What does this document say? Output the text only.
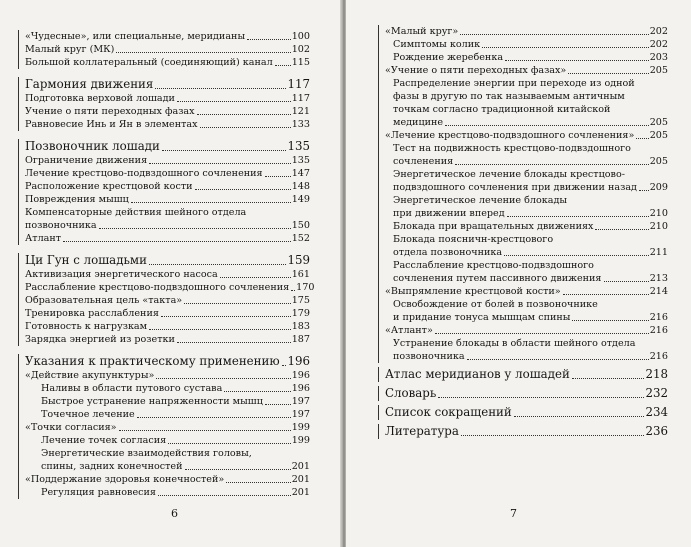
«Чудесные», или специальные, меридианы	100
Малый круг (МК)	102
Большой коллатеральный (соединяющий) канал 115
Гармония движения	117
Подготовка верховой лошади	117
Учение о пяти переходных фазах	121
Равновесие Инь и Ян в элементах	133
Позвоночник лошади	135
Ограничение движения	135
Лечение крестцово-подвздошного сочленения	147
Расположение крестцовой кости	148
Повреждения мышц	149
Компенсаторные действия шейного отдела
позвоночника	150
Атлант	152
Ци Гун с лошадьми	159
Активизация энергетического насоса	161
Расслабление крестцово-подвздошного сочленения 170
Образовательная цель «такта»	175
Тренировка расслабления	179
Готовность к нагрузкам	183
Зарядка энергией из розетки	187
Указания к практическому применению 196
«Действие акупунктуры»	196
Наливы в области путового сустава	196
Быстрое устранение напряженности мышц	197
Точечное лечение	197
«Точки согласия»	199
Лечение точек согласия	199
Энергетические взаимодействия головы,
спины, задних конечностей	201
«Поддержание здоровья конечностей»	201
Регуляция равновесия	201
6
«Малый круг»	202
Симптомы колик	202
Рождение жеребенка	203
«Учение о пяти переходных фазах»	205
Распределение энергии при переходе из одной
фазы в другую по так называемым античным
точкам согласно традиционной китайской
медицине	205
«Лечение крестцово-подвздошного сочленения» 205
Тест на подвижность крестцово-подвздошного
сочленения	205
Энергетическое лечение блокады крестцово-
подвздошного сочленения при движении назад 209
Энергетическое лечение блокады
при движении вперед	210
Блокада при вращательных движениях	210
Блокада поясничн-крестцового
отдела позвоночника	211
Расслабление крестцово-подвздошного
сочленения путем пассивного движения	213
«Выпрямление крестцовой кости»	214
Освобождение от болей в позвоночнике
и придание тонуса мышцам спины	216
«Атлант»	216
Устранение блокады в области шейного отдела
позвоночника	216
Атлас меридианов у лошадей	218
Словарь	232
Список сокращений	234
Литература	236
7
